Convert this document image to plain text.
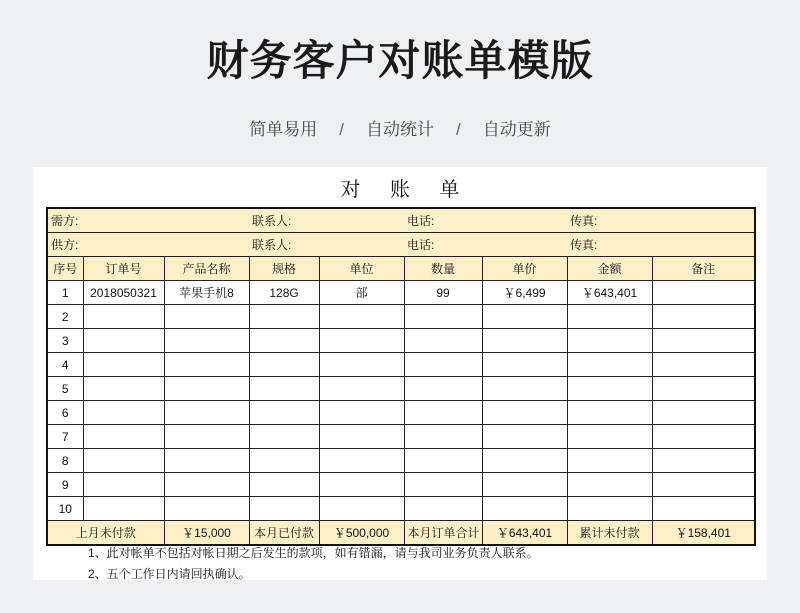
财务客户对账单模版
简单易用 / 自动统计 / 自动更新
对 账 单
需方:			联系人:		电话:		传真:	
供方:			联系人:		电话:		传真:	
序号	订单号	产品名称	规格	单位	数量	单价	金额	备注
1	2018050321	苹果手机8	128G	部	99	￥6,499	￥643,401	
2								
3								
4								
5								
6								
7								
8								
9								
10								
上月未付款		￥15,000	本月已付款	￥500,000	本月订单合计	￥643,401	累计未付款	￥158,401
1、此对帐单不包括对帐日期之后发生的款项，如有错漏，请与我司业务负责人联系。
2、五个工作日内请回执确认。
